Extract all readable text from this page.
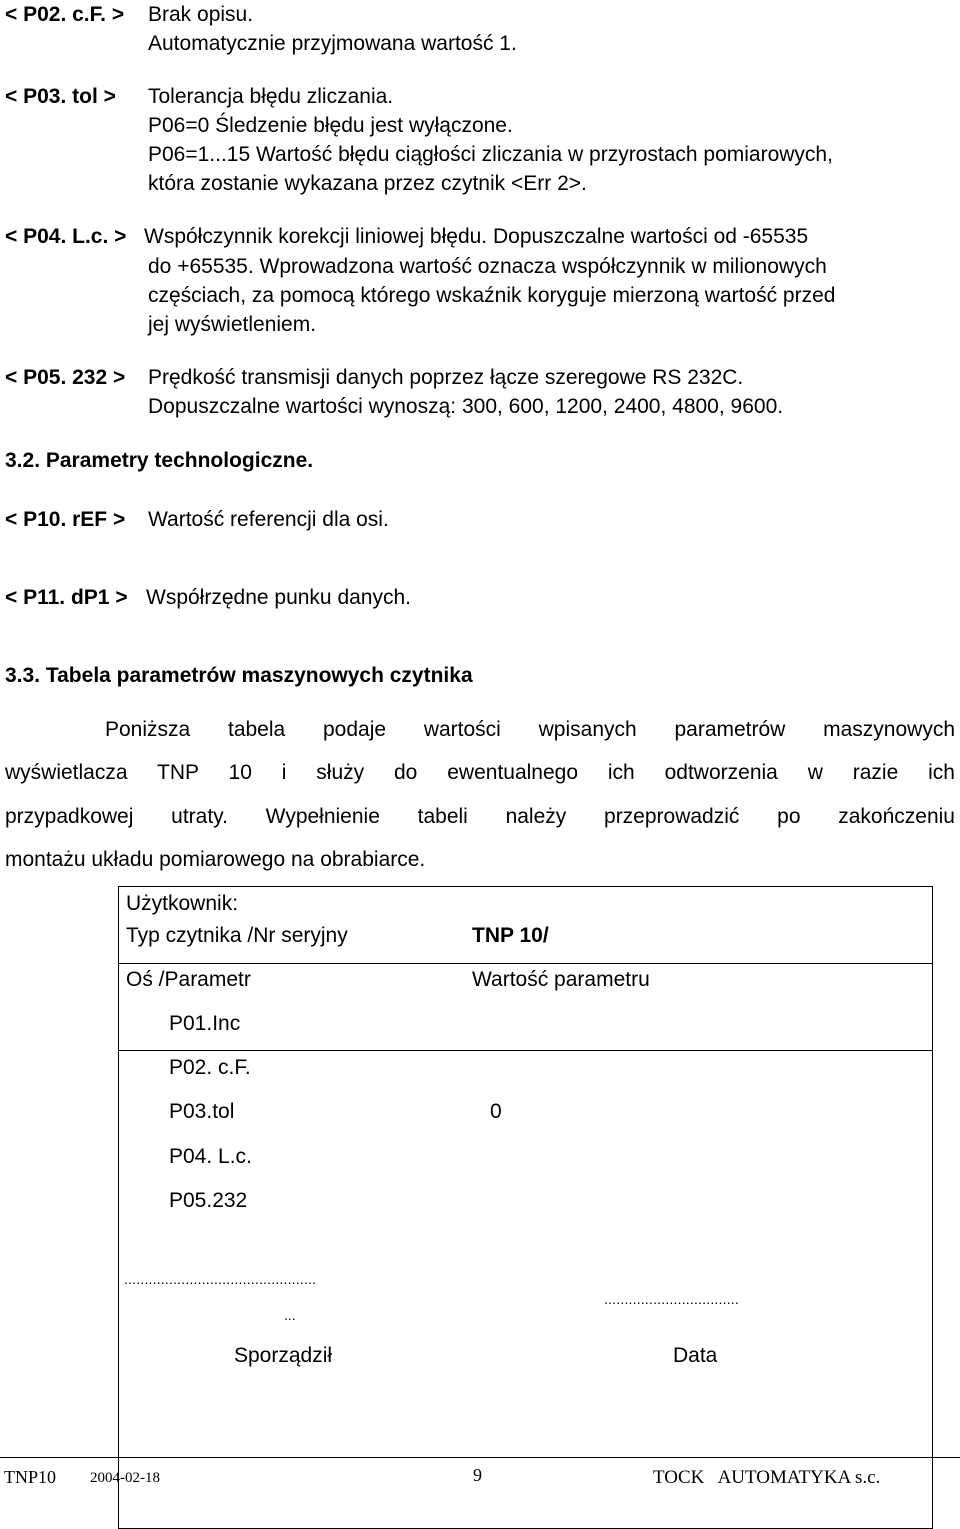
< P02. c.F. > Brak opisu.
Automatycznie przyjmowana wartość 1.
< P03. tol > Tolerancja błędu zliczania.
P06=0 Śledzenie błędu jest wyłączone.
P06=1...15 Wartość błędu ciągłości zliczania w przyrostach pomiarowych,
która zostanie wykazana przez czytnik <Err 2>.
< P04. L.c. > Współczynnik korekcji liniowej błędu. Dopuszczalne wartości od -65535
do +65535. Wprowadzona wartość oznacza współczynnik w milionowych
częściach, za pomocą którego wskaźnik koryguje mierzoną wartość przed
jej wyświetleniem.
< P05. 232 > Prędkość transmisji danych poprzez łącze szeregowe RS 232C.
Dopuszczalne wartości wynoszą: 300, 600, 1200, 2400, 4800, 9600.
3.2. Parametry technologiczne.
< P10. rEF > Wartość referencji dla osi.
< P11. dP1 > Współrzędne punku danych.
3.3. Tabela parametrów maszynowych czytnika
Poniższa tabela podaje wartości wpisanych parametrów maszynowych
wyświetlacza TNP 10 i służy do ewentualnego ich odtworzenia w razie ich
przypadkowej utraty. Wypełnienie tabeli należy przeprowadzić po zakończeniu
montażu układu pomiarowego na obrabiarce.
Użytkownik:
Typ czytnika /Nr seryjny	TNP 10/
Oś /Parametr	Wartość parametru
P01.Inc
P02. c.F.
P03.tol	0
P04. L.c.
P05.232
...............................................
...
.................................
Sporządził	Data
TNP10 2004-02-18	9	TOCK   AUTOMATYKA s.c.
